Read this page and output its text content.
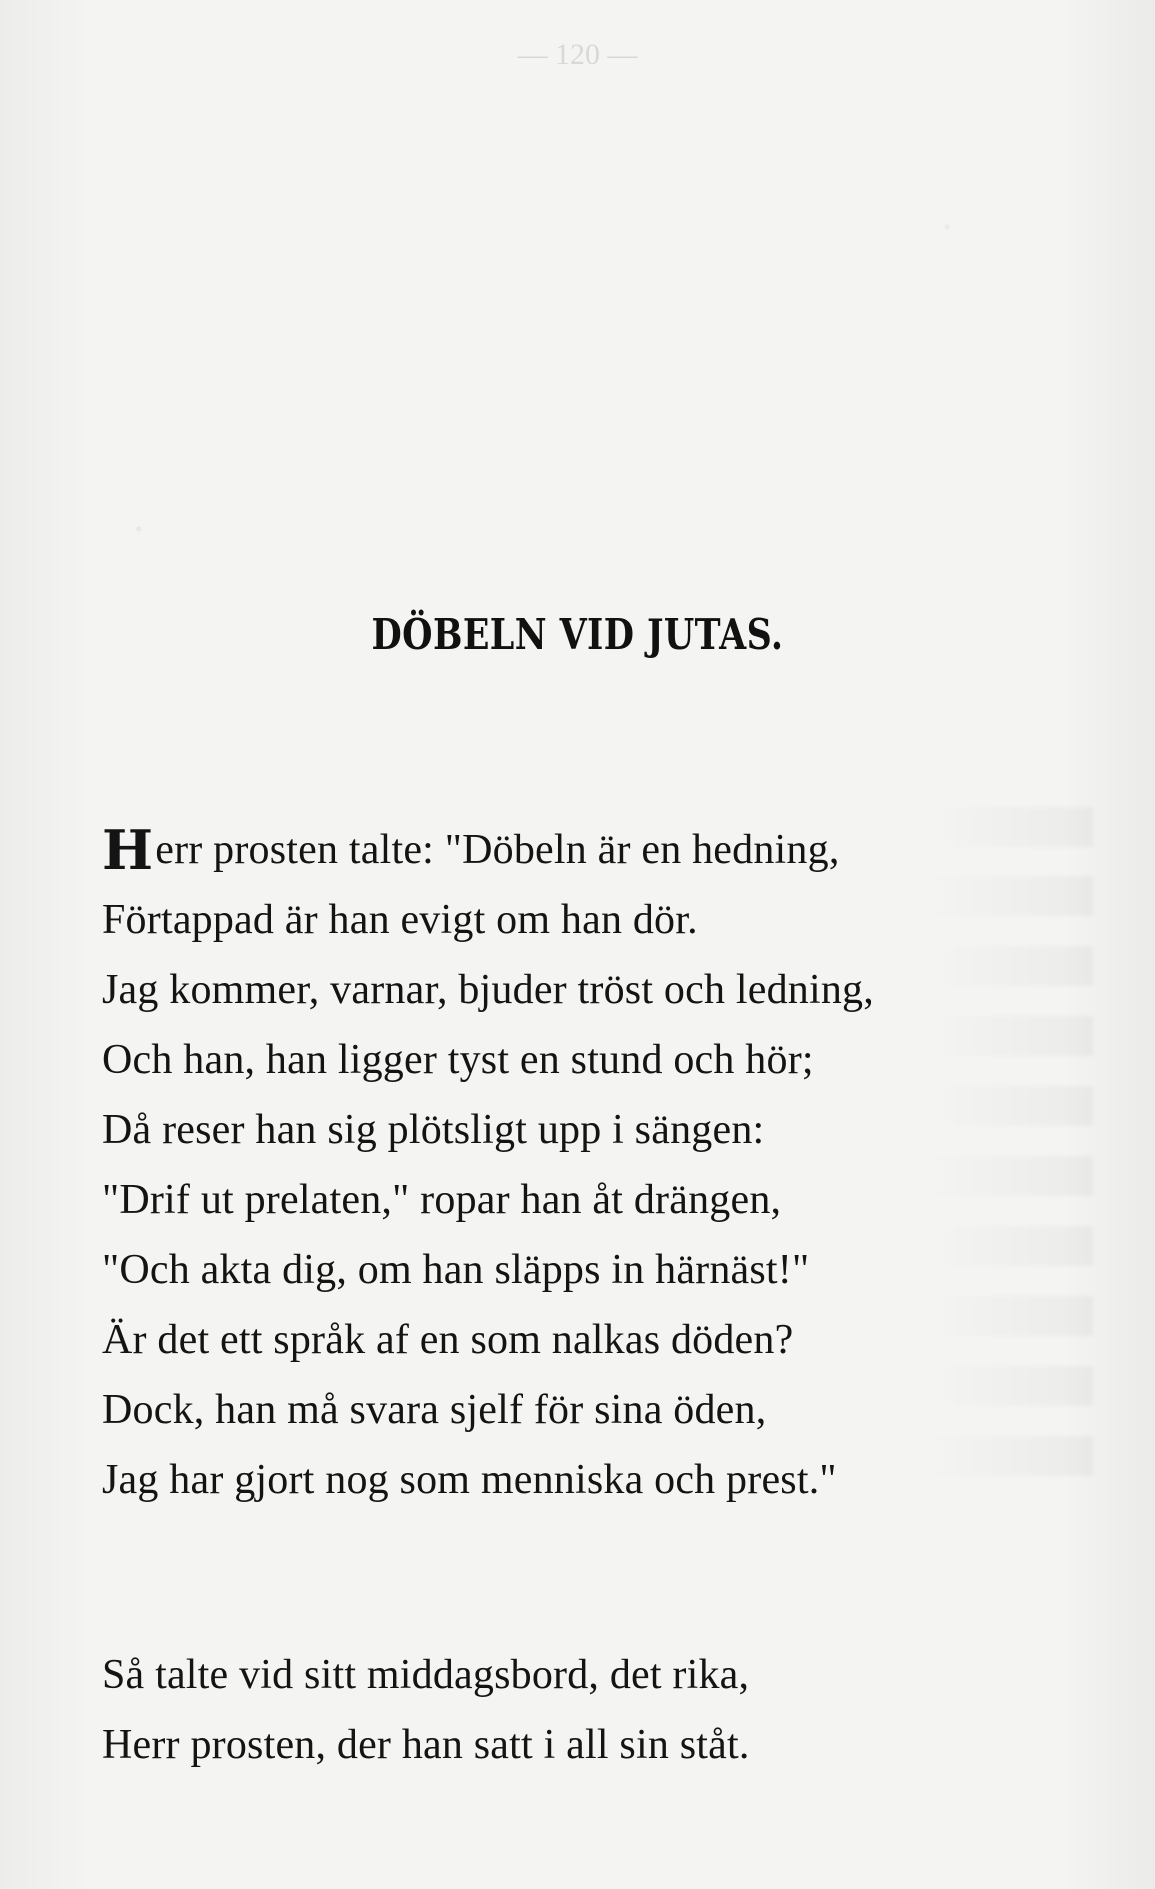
— 120 —
DÖBELN VID JUTAS.
Herr prosten talte: "Döbeln är en hedning,
Förtappad är han evigt om han dör.
Jag kommer, varnar, bjuder tröst och ledning,
Och han, han ligger tyst en stund och hör;
Då reser han sig plötsligt upp i sängen:
"Drif ut prelaten," ropar han åt drängen,
"Och akta dig, om han släpps in härnäst!"
Är det ett språk af en som nalkas döden?
Dock, han må svara sjelf för sina öden,
Jag har gjort nog som menniska och prest."
Så talte vid sitt middagsbord, det rika,
Herr prosten, der han satt i all sin ståt.
